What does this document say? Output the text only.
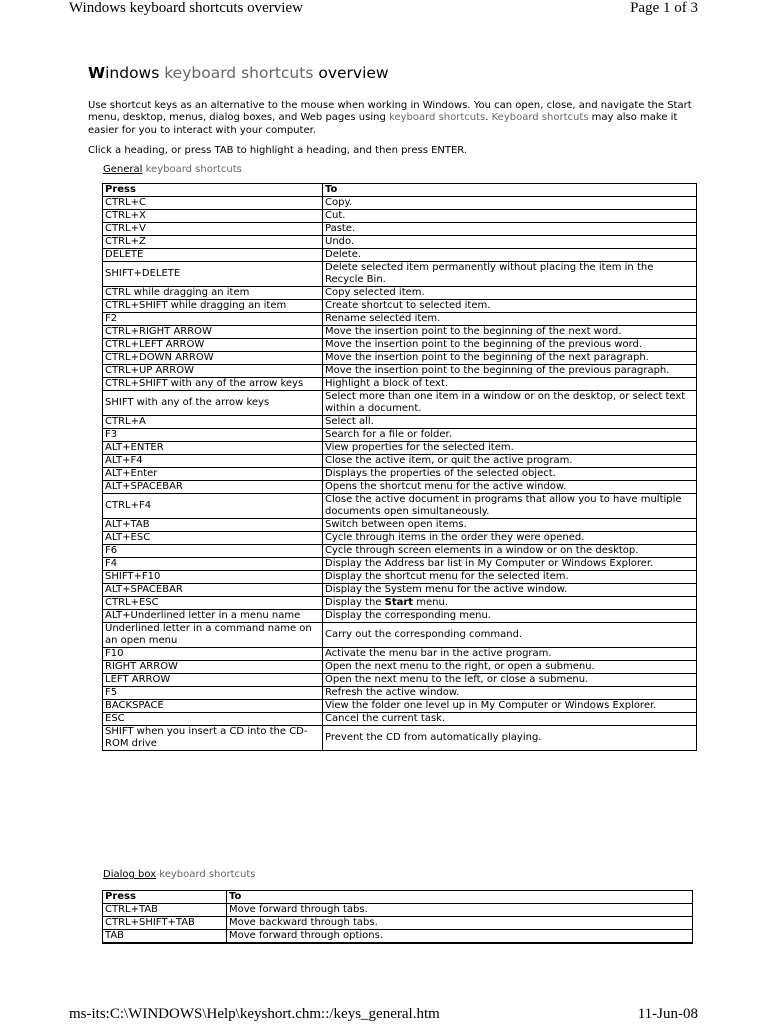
Windows keyboard shortcuts overview	Page 1 of 3
Windows keyboard shortcuts overview

Use shortcut keys as an alternative to the mouse when working in Windows. You can open, close, and navigate the Start menu, desktop, menus, dialog boxes, and Web pages using keyboard shortcuts. Keyboard shortcuts may also make it easier for you to interact with your computer.

Click a heading, or press TAB to highlight a heading, and then press ENTER.

General keyboard shortcuts
Press	To
CTRL+C	Copy.
CTRL+X	Cut.
CTRL+V	Paste.
CTRL+Z	Undo.
DELETE	Delete.
SHIFT+DELETE	Delete selected item permanently without placing the item in the Recycle Bin.
CTRL while dragging an item	Copy selected item.
CTRL+SHIFT while dragging an item	Create shortcut to selected item.
F2	Rename selected item.
CTRL+RIGHT ARROW	Move the insertion point to the beginning of the next word.
CTRL+LEFT ARROW	Move the insertion point to the beginning of the previous word.
CTRL+DOWN ARROW	Move the insertion point to the beginning of the next paragraph.
CTRL+UP ARROW	Move the insertion point to the beginning of the previous paragraph.
CTRL+SHIFT with any of the arrow keys	Highlight a block of text.
SHIFT with any of the arrow keys	Select more than one item in a window or on the desktop, or select text within a document.
CTRL+A	Select all.
F3	Search for a file or folder.
ALT+ENTER	View properties for the selected item.
ALT+F4	Close the active item, or quit the active program.
ALT+Enter	Displays the properties of the selected object.
ALT+SPACEBAR	Opens the shortcut menu for the active window.
CTRL+F4	Close the active document in programs that allow you to have multiple documents open simultaneously.
ALT+TAB	Switch between open items.
ALT+ESC	Cycle through items in the order they were opened.
F6	Cycle through screen elements in a window or on the desktop.
F4	Display the Address bar list in My Computer or Windows Explorer.
SHIFT+F10	Display the shortcut menu for the selected item.
ALT+SPACEBAR	Display the System menu for the active window.
CTRL+ESC	Display the Start menu.
ALT+Underlined letter in a menu name	Display the corresponding menu.
Underlined letter in a command name on an open menu	Carry out the corresponding command.
F10	Activate the menu bar in the active program.
RIGHT ARROW	Open the next menu to the right, or open a submenu.
LEFT ARROW	Open the next menu to the left, or close a submenu.
F5	Refresh the active window.
BACKSPACE	View the folder one level up in My Computer or Windows Explorer.
ESC	Cancel the current task.
SHIFT when you insert a CD into the CD-ROM drive	Prevent the CD from automatically playing.
Dialog box keyboard shortcuts
Press	To
CTRL+TAB	Move forward through tabs.
CTRL+SHIFT+TAB	Move backward through tabs.
TAB	Move forward through options.

ms-its:C:\WINDOWS\Help\keyshort.chm::/keys_general.htm	11-Jun-08
